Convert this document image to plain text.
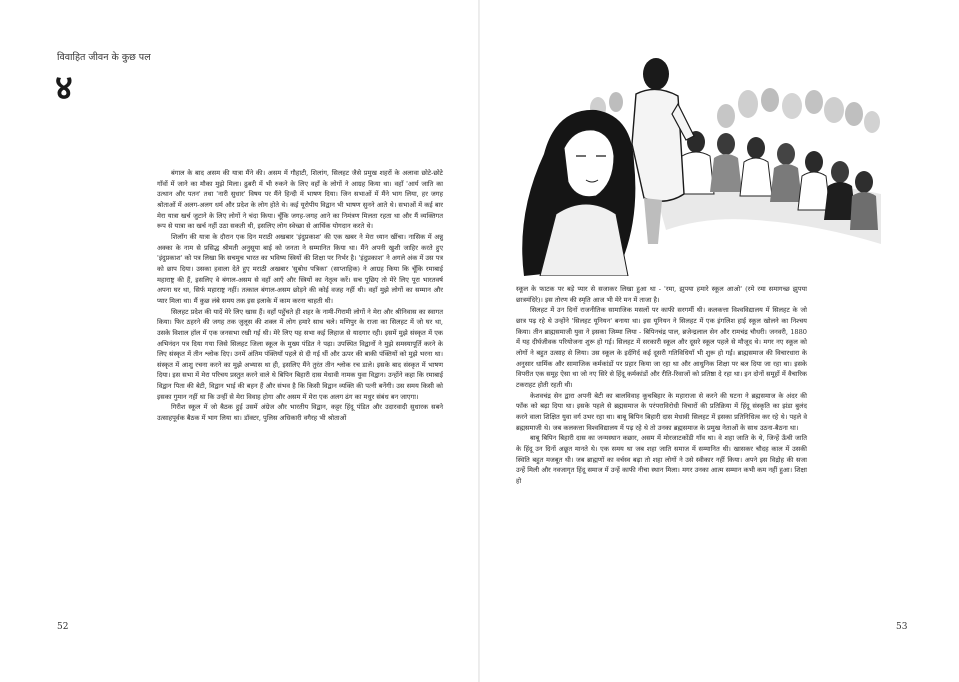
विवाहित जीवन के कुछ पल
४

बंगाल के बाद असम की यात्रा मैंने की। असम में गौहाटी, शिलांग, सिलहट जैसे प्रमुख शहरों के अलावा छोटे-छोटे गाँवों में जाने का मौका मुझे मिला। ढुबरी में भी रुकने के लिए वहाँ के लोगों ने आग्रह किया था। वहाँ 'आर्य जाति का उत्थान और पतन' तथा 'नारी सुधार' विषय पर मैंने हिन्दी में भाषण दिया। जिन सभाओं में मैंने भाग लिया, हर जगह श्रोताओं में अलग-अलग धर्म और प्रदेश के लोग होते थे। कई यूरोपीय विद्वान भी भाषण सुनने आते थे। सभाओं में कई बार मेरा यात्रा खर्च जुटाने के लिए लोगों ने चंदा किया। चूँकि जगह-जगह आने का निमंत्रण मिलता रहता था और मैं व्यक्तिगत रूप से यात्रा का खर्च नहीं उठा सकती थी, इसलिए लोग स्वेच्छा से आर्थिक योगदान करते थे।

शिलॉंग की यात्रा के दौरान एक दिन मराठी अखबार 'इंदुप्रकाश' की एक खबर ने मेरा ध्यान खींचा। नासिक में अन्नु अक्का के नाम से प्रसिद्ध श्रीमती अनुसूया बाई को जनता ने सम्मानित किया था। मैंने अपनी खुशी जाहिर करते हुए 'इंदुप्रकाश' को पत्र लिखा कि सचमुच भारत का भविष्य स्त्रियों की शिक्षा पर निर्भर है। 'इंदुप्रकाश' ने अगले अंक में उस पत्र को छाप दिया। उसका हवाला देते हुए मराठी अखबार 'सुबोध पत्रिका' (साप्ताहिक) ने आग्रह किया कि चूँकि रमाबाई महाराष्ट्र की हैं, इसलिए वे बंगाल-असम से वहाँ आएँ और स्त्रियों का नेतृत्व करें। सच पूछिए तो मेरे लिए पूरा भारतवर्ष अपना घर था, सिर्फ महाराष्ट्र नहीं। तत्काल बंगाल-असम छोड़ने की कोई वजह नहीं थी। वहाँ मुझे लोगों का सम्मान और प्यार मिला था। मैं कुछ लंबे समय तक इस इलाके में काम करना चाहती थी।

सिलहट प्रदेश की यादें मेरे लिए खास हैं। वहाँ पहुँचते ही शहर के नामी-गिरामी लोगों ने मेरा और श्रीनिवास का स्वागत किया। फिर ठहरने की जगह तक जुलूस की शक्ल में लोग हमारे साथ चले। मणिपुर के राजा का सिलहट में जो घर था, उसके विशाल हॉल में एक जनसभा रखी गई थी। मेरे लिए यह सभा कई लिहाज से यादगार रही। इसमें मुझे संस्कृत में एक अभिनंदन पत्र दिया गया जिसे सिलहट जिला स्कूल के मुख्य पंडित ने पढ़ा। उपस्थित विद्वानों ने मुझे समस्यापूर्ति करने के लिए संस्कृत में तीन श्लोक दिए। उनमें अंतिम पंक्तियाँ पहले से दी गई थीं और ऊपर की बाकी पंक्तियों को मुझे भरना था। संस्कृत में आशु रचना करने का मुझे अभ्यास था ही, इसलिए मैंने तुरंत तीन श्लोक रच डाले। इसके बाद संस्कृत में भाषण दिया। इस सभा में मेरा परिचय प्रस्तुत करने वाले थे बिपिन बिहारी दास मेधावी नामक युवा विद्वान। उन्होंने कहा कि रमाबाई विद्वान पिता की बेटी, विद्वान भाई की बहन हैं और संभव है कि किसी विद्वान व्यक्ति की पत्नी बनेंगी। उस समय किसी को इसका गुमान नहीं था कि उन्हीं से मेरा विवाह होगा और असम में मेरा एक अलग ढंग का मधुर संबंध बन जाएगा।

गिरीश स्कूल में जो बैठक हुई उसमें अंग्रेज और भारतीय विद्वान, कट्टर हिंदू पंडित और उदारवादी सुधारक सबने उत्साहपूर्वक बैठक में भाग लिया था। डॉक्टर, पुलिस अधिकारी वगैरह भी श्रोताओं

52

स्कूल के फाटक पर बड़े प्यार से सजाकर लिखा हुआ था - 'रमा, झुपया हमारे स्कूल आओ' (रमे रमा समागच्छ झुपया छात्रमंदिरे)। इस तोरण की स्मृति आज भी मेरे मन में ताजा है।

सिलहट में उन दिनों राजनीतिक सामाजिक मसलों पर काफी सरगर्मी थी। कलकत्ता विश्वविद्यालय में सिलहट के जो छात्र पढ़ रहे थे उन्होंने 'सिलहट यूनियन' बनाया था। इस यूनियन ने सिलहट में एक इंगलिश हाई स्कूल खोलने का निश्चय किया। तीन ब्राह्मसमाजी युवा ने इसका जिम्मा लिया - बिपिनचंद्र पाल, ब्रजेन्द्रलाल सेन और रामचंद्र चौधरी। जनवरी, 1880 में यह दीर्घजीवक परियोजना शुरू हो गई। सिलहट में सरकारी स्कूल और दूसरे स्कूल पहले से मौजूद थे। मगर नए स्कूल को लोगों ने बहुत उत्साह से लिया। उस स्कूल के इर्दगिर्द कई दूसरी गतिविधियाँ भी शुरू हो गईं। ब्राह्मसमाज की विचारधारा के अनुसार धार्मिक और सामाजिक कर्मकांडों पर प्रहार किया जा रहा था और आधुनिक शिक्षा पर बल दिया जा रहा था। इसके विपरीत एक समूह ऐसा था जो नए सिरे से हिंदू कर्मकांडों और रीति-रिवाजों को प्रतिष्ठा दे रहा था। इन दोनों समूहों में वैचारिक टकराहट होती रहती थी।

केशवचंद्र सेन द्वारा अपनी बेटी का बालविवाह कूचबिहार के महाराजा से करने की घटना ने ब्रह्मसमाज के अंदर की फाँक को बढ़ा दिया था। इसके पहले से ब्रह्मसमाज के परंपराविरोधी विचारों की प्रतिक्रिया में हिंदू संस्कृति का झंडा बुलंद करने वाला शिक्षित युवा वर्ग उभर रहा था। बाबू बिपिन बिहारी दास मेधावी सिलहट में इसका प्रतिनिधित्व कर रहे थे। पहले वे ब्रह्मसमाजी थे। जब कलकत्ता विश्वविद्यालय में पढ़ रहे थे तो उनका ब्रह्मसमाज के प्रमुख नेताओं के साथ उठना-बैठना था।

बाबू बिपिन बिहारी दास का जन्मस्थान कछार, असम में मोरजाटकोंडी गाँव था। वे शहा जाति के थे, जिन्हें ऊँची जाति के हिंदू उन दिनों अछूत मानते थे। एक समय था जब शहा जाति समाज में सम्मानित थी। खासकर चौदह काल में उसकी स्थिति बहुत मजबूत थी। जब ब्राह्मणों का वर्चस्व बढ़ा तो शहा लोगों ने उसे स्वीकार नहीं किया। अपने इस विद्रोह की सजा उन्हें मिली और नवजागृत हिंदू समाज में उन्हें काफी नीचा स्थान मिला। मगर उनका आत्म सम्मान कभी कम नहीं हुआ। शिक्षा हो

53
